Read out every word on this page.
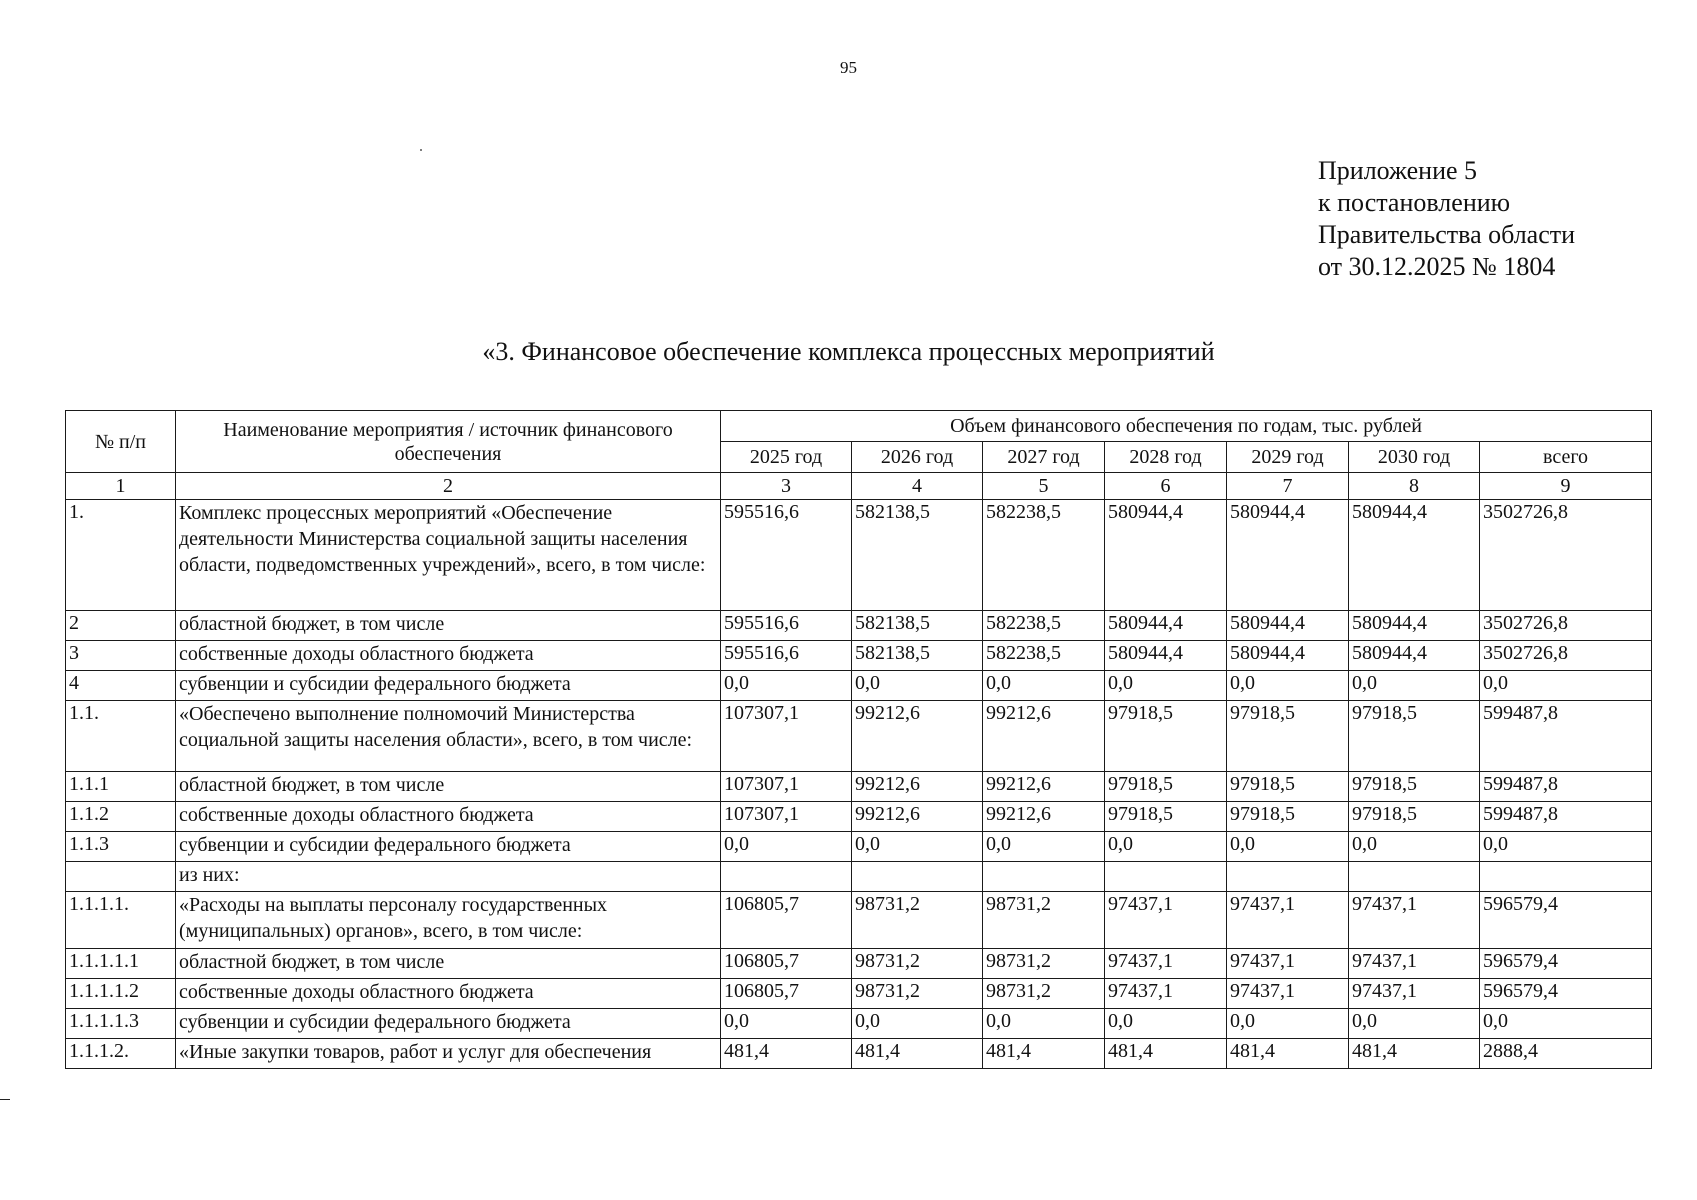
95
Приложение 5
к постановлению
Правительства области
от 30.12.2025 № 1804
«3. Финансовое обеспечение комплекса процессных мероприятий
№ п/п	Наименование мероприятия / источник финансового обеспечения	Объем финансового обеспечения по годам, тыс. рублей						
		2025 год	2026 год	2027 год	2028 год	2029 год	2030 год	всего
1	2	3	4	5	6	7	8	9
1.	Комплекс процессных мероприятий «Обеспечение деятельности Министерства социальной защиты населения области, подведомственных учреждений», всего, в том числе:	595516,6	582138,5	582238,5	580944,4	580944,4	580944,4	3502726,8
2	областной бюджет, в том числе	595516,6	582138,5	582238,5	580944,4	580944,4	580944,4	3502726,8
3	собственные доходы областного бюджета	595516,6	582138,5	582238,5	580944,4	580944,4	580944,4	3502726,8
4	субвенции и субсидии федерального бюджета	0,0	0,0	0,0	0,0	0,0	0,0	0,0
1.1.	«Обеспечено выполнение полномочий Министерства социальной защиты населения области», всего, в том числе:	107307,1	99212,6	99212,6	97918,5	97918,5	97918,5	599487,8
1.1.1	областной бюджет, в том числе	107307,1	99212,6	99212,6	97918,5	97918,5	97918,5	599487,8
1.1.2	собственные доходы областного бюджета	107307,1	99212,6	99212,6	97918,5	97918,5	97918,5	599487,8
1.1.3	субвенции и субсидии федерального бюджета	0,0	0,0	0,0	0,0	0,0	0,0	0,0
	из них:							
1.1.1.1.	«Расходы на выплаты персоналу государственных (муниципальных) органов», всего, в том числе:	106805,7	98731,2	98731,2	97437,1	97437,1	97437,1	596579,4
1.1.1.1.1	областной бюджет, в том числе	106805,7	98731,2	98731,2	97437,1	97437,1	97437,1	596579,4
1.1.1.1.2	собственные доходы областного бюджета	106805,7	98731,2	98731,2	97437,1	97437,1	97437,1	596579,4
1.1.1.1.3	субвенции и субсидии федерального бюджета	0,0	0,0	0,0	0,0	0,0	0,0	0,0
1.1.1.2.	«Иные закупки товаров, работ и услуг для обеспечения	481,4	481,4	481,4	481,4	481,4	481,4	2888,4
